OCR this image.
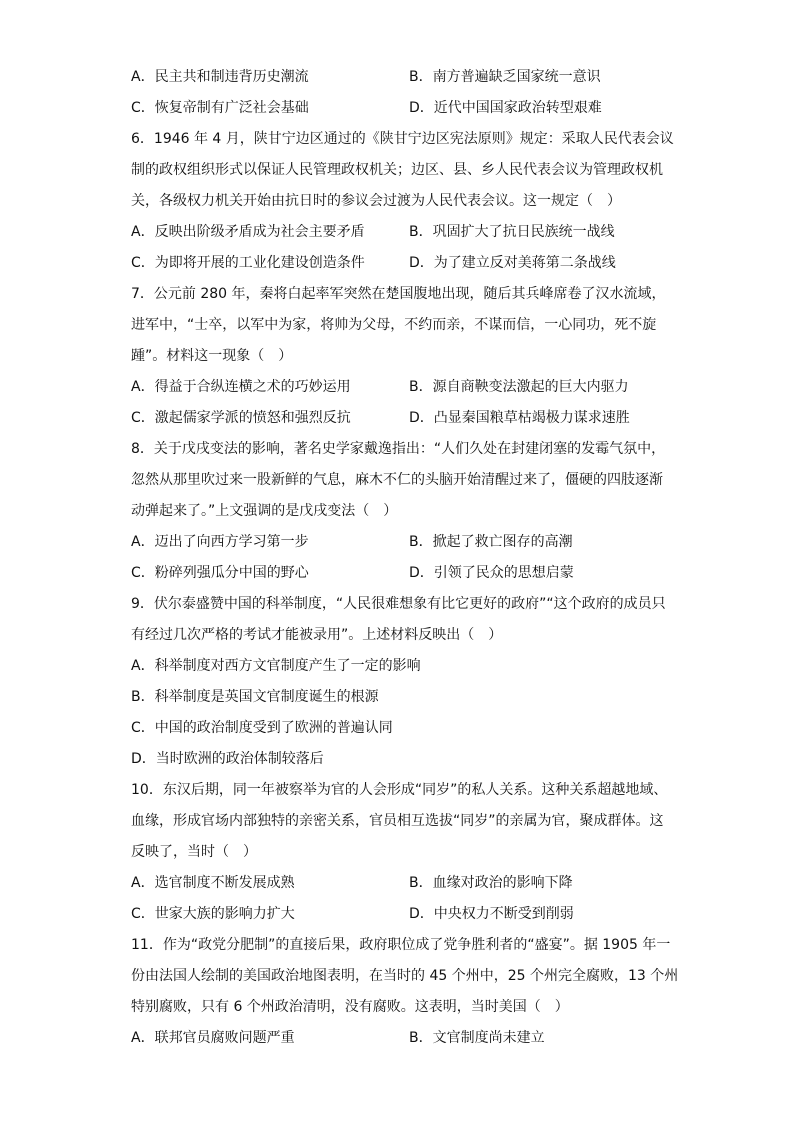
A．民主共和制违背历史潮流	B．南方普遍缺乏国家统一意识
C．恢复帝制有广泛社会基础	D．近代中国国家政治转型艰难
6．1946 年 4 月，陕甘宁边区通过的《陕甘宁边区宪法原则》规定：采取人民代表会议
制的政权组织形式以保证人民管理政权机关；边区、县、乡人民代表会议为管理政权机
关，各级权力机关开始由抗日时的参议会过渡为人民代表会议。这一规定（　）
A．反映出阶级矛盾成为社会主要矛盾	B．巩固扩大了抗日民族统一战线
C．为即将开展的工业化建设创造条件	D．为了建立反对美蒋第二条战线
7．公元前 280 年，秦将白起率军突然在楚国腹地出现，随后其兵峰席卷了汉水流域，
进军中，“士卒，以军中为家，将帅为父母，不约而亲，不谋而信，一心同功，死不旋
踵”。材料这一现象（　）
A．得益于合纵连横之术的巧妙运用	B．源自商鞅变法激起的巨大内驱力
C．激起儒家学派的愤怒和强烈反抗	D．凸显秦国粮草枯竭极力谋求速胜
8．关于戊戌变法的影响，著名史学家戴逸指出：“人们久处在封建闭塞的发霉气氛中，
忽然从那里吹过来一股新鲜的气息，麻木不仁的头脑开始清醒过来了，僵硬的四肢逐渐
动弹起来了。”上文强调的是戊戌变法（　）
A．迈出了向西方学习第一步	B．掀起了救亡图存的高潮
C．粉碎列强瓜分中国的野心	D．引领了民众的思想启蒙
9．伏尔泰盛赞中国的科举制度，“人民很难想象有比它更好的政府”“这个政府的成员只
有经过几次严格的考试才能被录用”。上述材料反映出（　）
A．科举制度对西方文官制度产生了一定的影响
B．科举制度是英国文官制度诞生的根源
C．中国的政治制度受到了欧洲的普遍认同
D．当时欧洲的政治体制较落后
10．东汉后期，同一年被察举为官的人会形成“同岁”的私人关系。这种关系超越地域、
血缘，形成官场内部独特的亲密关系，官员相互选拔“同岁”的亲属为官，聚成群体。这
反映了，当时（　）
A．选官制度不断发展成熟	B．血缘对政治的影响下降
C．世家大族的影响力扩大	D．中央权力不断受到削弱
11．作为“政党分肥制”的直接后果，政府职位成了党争胜利者的“盛宴”。据 1905 年一
份由法国人绘制的美国政治地图表明，在当时的 45 个州中，25 个州完全腐败，13 个州
特别腐败，只有 6 个州政治清明，没有腐败。这表明，当时美国（　）
A．联邦官员腐败问题严重	B．文官制度尚未建立
